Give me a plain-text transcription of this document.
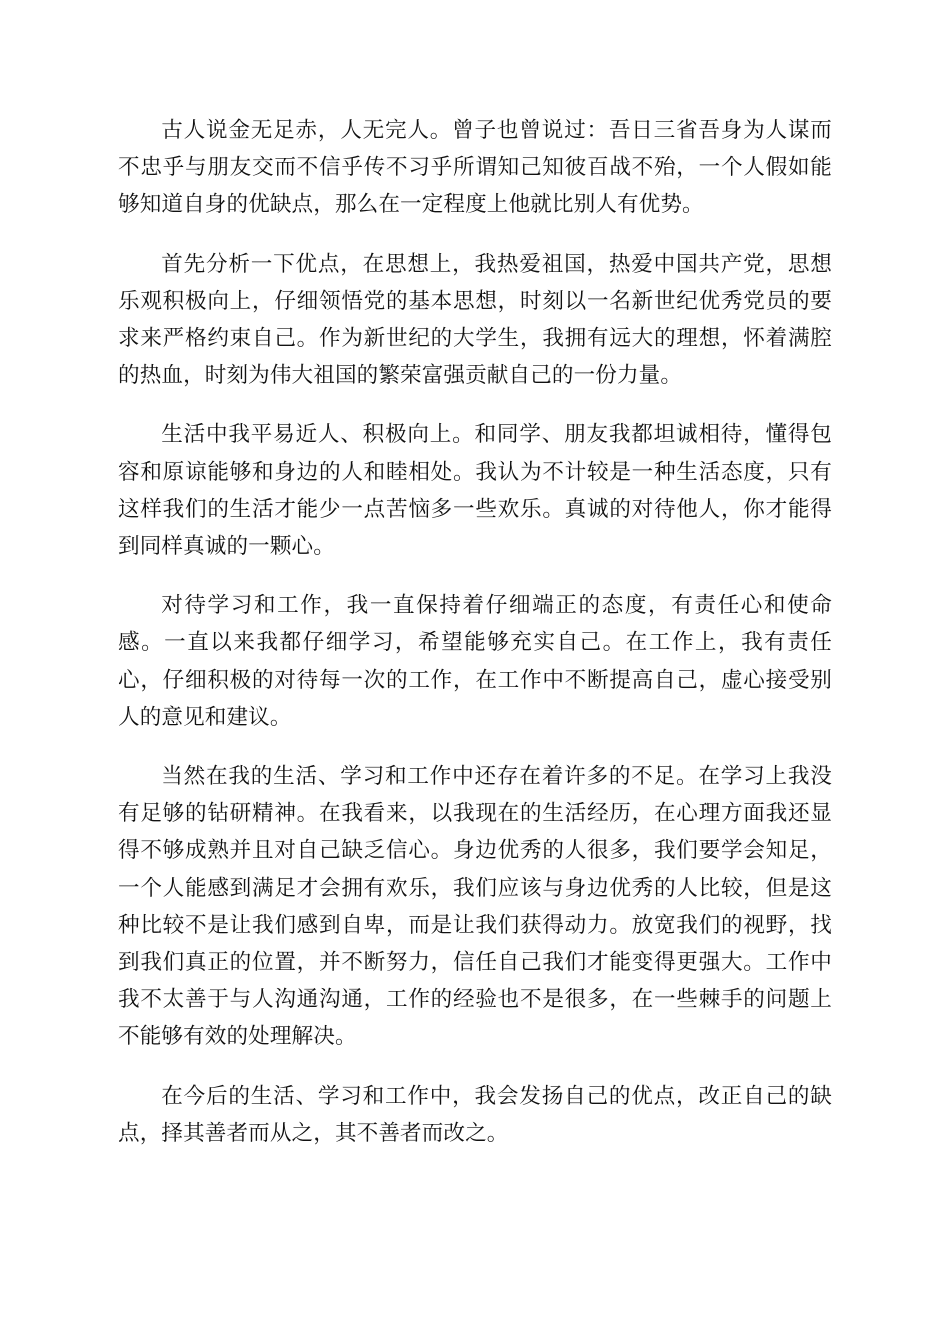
古人说金无足赤，人无完人。曾子也曾说过：吾日三省吾身为人谋而不忠乎与朋友交而不信乎传不习乎所谓知己知彼百战不殆，一个人假如能够知道自身的优缺点，那么在一定程度上他就比别人有优势。

首先分析一下优点，在思想上，我热爱祖国，热爱中国共产党，思想乐观积极向上，仔细领悟党的基本思想，时刻以一名新世纪优秀党员的要求来严格约束自己。作为新世纪的大学生，我拥有远大的理想，怀着满腔的热血，时刻为伟大祖国的繁荣富强贡献自己的一份力量。

生活中我平易近人、积极向上。和同学、朋友我都坦诚相待，懂得包容和原谅能够和身边的人和睦相处。我认为不计较是一种生活态度，只有这样我们的生活才能少一点苦恼多一些欢乐。真诚的对待他人，你才能得到同样真诚的一颗心。

对待学习和工作，我一直保持着仔细端正的态度，有责任心和使命感。一直以来我都仔细学习，希望能够充实自己。在工作上，我有责任心，仔细积极的对待每一次的工作，在工作中不断提高自己，虚心接受别人的意见和建议。

当然在我的生活、学习和工作中还存在着许多的不足。在学习上我没有足够的钻研精神。在我看来，以我现在的生活经历，在心理方面我还显得不够成熟并且对自己缺乏信心。身边优秀的人很多，我们要学会知足，一个人能感到满足才会拥有欢乐，我们应该与身边优秀的人比较，但是这种比较不是让我们感到自卑，而是让我们获得动力。放宽我们的视野，找到我们真正的位置，并不断努力，信任自己我们才能变得更强大。工作中我不太善于与人沟通沟通，工作的经验也不是很多，在一些棘手的问题上不能够有效的处理解决。

在今后的生活、学习和工作中，我会发扬自己的优点，改正自己的缺点，择其善者而从之，其不善者而改之。
